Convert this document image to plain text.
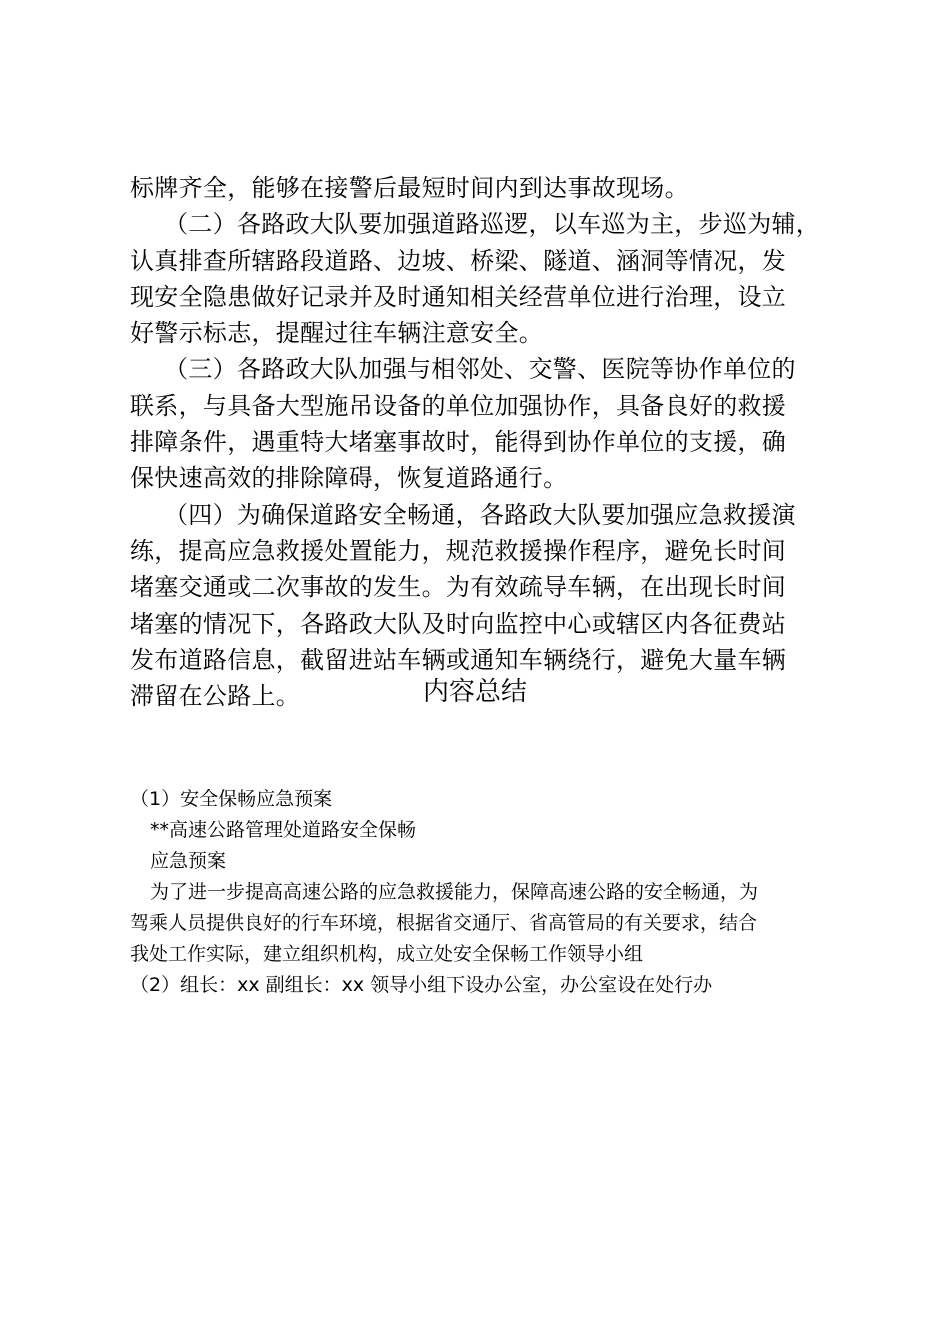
标牌齐全，能够在接警后最短时间内到达事故现场。
（二）各路政大队要加强道路巡逻，以车巡为主，步巡为辅，
认真排查所辖路段道路、边坡、桥梁、隧道、涵洞等情况，发
现安全隐患做好记录并及时通知相关经营单位进行治理，设立
好警示标志，提醒过往车辆注意安全。
（三）各路政大队加强与相邻处、交警、医院等协作单位的
联系，与具备大型施吊设备的单位加强协作，具备良好的救援
排障条件，遇重特大堵塞事故时，能得到协作单位的支援，确
保快速高效的排除障碍，恢复道路通行。
（四）为确保道路安全畅通，各路政大队要加强应急救援演
练，提高应急救援处置能力，规范救援操作程序，避免长时间
堵塞交通或二次事故的发生。为有效疏导车辆，在出现长时间
堵塞的情况下，各路政大队及时向监控中心或辖区内各征费站
发布道路信息，截留进站车辆或通知车辆绕行，避免大量车辆
滞留在公路上。	内容总结
（1）安全保畅应急预案
**高速公路管理处道路安全保畅
应急预案
为了进一步提高高速公路的应急救援能力，保障高速公路的安全畅通，为
驾乘人员提供良好的行车环境，根据省交通厅、省高管局的有关要求，结合
我处工作实际，建立组织机构，成立处安全保畅工作领导小组
（2）组长：xx 副组长：xx 领导小组下设办公室，办公室设在处行办
